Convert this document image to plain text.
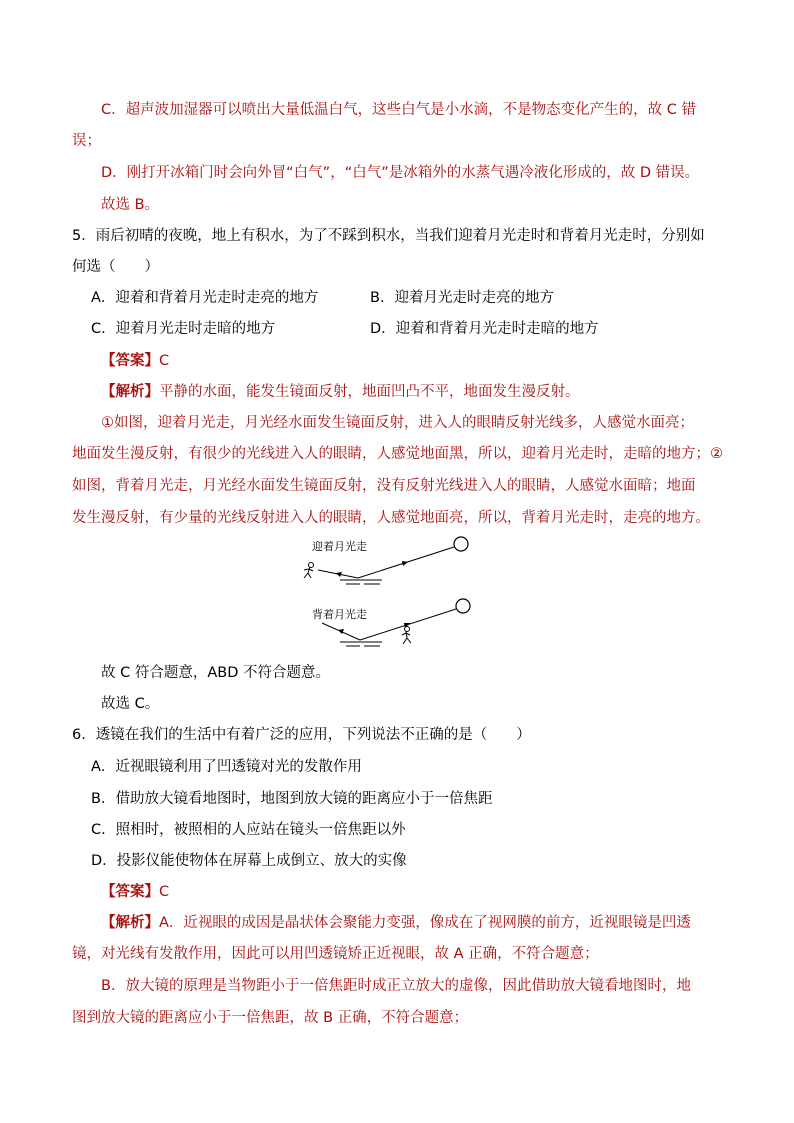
C．超声波加湿器可以喷出大量低温白气，这些白气是小水滴，不是物态变化产生的，故 C 错
误；
D．刚打开冰箱门时会向外冒“白气”，“白气”是冰箱外的水蒸气遇冷液化形成的，故 D 错误。
故选 B。
5．雨后初晴的夜晚，地上有积水，为了不踩到积水，当我们迎着月光走时和背着月光走时，分别如
何选（　　）
A．迎着和背着月光走时走亮的地方	B．迎着月光走时走亮的地方
C．迎着月光走时走暗的地方	D．迎着和背着月光走时走暗的地方
【答案】C
【解析】平静的水面，能发生镜面反射，地面凹凸不平，地面发生漫反射。
①如图，迎着月光走，月光经水面发生镜面反射，进入人的眼睛反射光线多，人感觉水面亮；
地面发生漫反射，有很少的光线进入人的眼睛，人感觉地面黑，所以，迎着月光走时，走暗的地方；②
如图，背着月光走，月光经水面发生镜面反射，没有反射光线进入人的眼睛，人感觉水面暗；地面
发生漫反射，有少量的光线反射进入人的眼睛，人感觉地面亮，所以，背着月光走时，走亮的地方。
迎着月光走
背着月光走
故 C 符合题意，ABD 不符合题意。
故选 C。
6．透镜在我们的生活中有着广泛的应用，下列说法不正确的是（　　）
A．近视眼镜利用了凹透镜对光的发散作用
B．借助放大镜看地图时，地图到放大镜的距离应小于一倍焦距
C．照相时，被照相的人应站在镜头一倍焦距以外
D．投影仪能使物体在屏幕上成倒立、放大的实像
【答案】C
【解析】A．近视眼的成因是晶状体会聚能力变强，像成在了视网膜的前方，近视眼镜是凹透
镜，对光线有发散作用，因此可以用凹透镜矫正近视眼，故 A 正确，不符合题意；
B．放大镜的原理是当物距小于一倍焦距时成正立放大的虚像，因此借助放大镜看地图时，地
图到放大镜的距离应小于一倍焦距，故 B 正确，不符合题意；
